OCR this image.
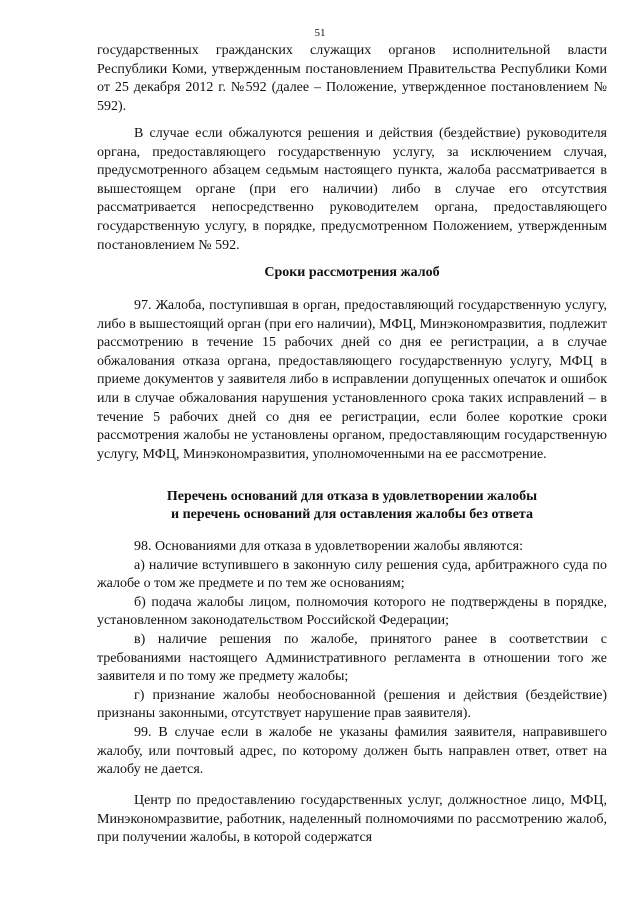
51

государственных гражданских служащих органов исполнительной власти Республики Коми, утвержденным постановлением Правительства Республики Коми от 25 декабря 2012 г. №592 (далее – Положение, утвержденное постановлением № 592).

В случае если обжалуются решения и действия (бездействие) руководителя органа, предоставляющего государственную услугу, за исключением случая, предусмотренного абзацем седьмым настоящего пункта, жалоба рассматривается в вышестоящем органе (при его наличии) либо в случае его отсутствия рассматривается непосредственно руководителем органа, предоставляющего государственную услугу, в порядке, предусмотренном Положением, утвержденным постановлением № 592.

Сроки рассмотрения жалоб

97. Жалоба, поступившая в орган, предоставляющий государственную услугу, либо в вышестоящий орган (при его наличии), МФЦ, Минэкономразвития, подлежит рассмотрению в течение 15 рабочих дней со дня ее регистрации, а в случае обжалования отказа органа, предоставляющего государственную услугу, МФЦ в приеме документов у заявителя либо в исправлении допущенных опечаток и ошибок или в случае обжалования нарушения установленного срока таких исправлений – в течение 5 рабочих дней со дня ее регистрации, если более короткие сроки рассмотрения жалобы не установлены органом, предоставляющим государственную услугу, МФЦ, Минэкономразвития, уполномоченными на ее рассмотрение.

Перечень оснований для отказа в удовлетворении жалобы

и перечень оснований для оставления жалобы без ответа

98. Основаниями для отказа в удовлетворении жалобы являются:

а) наличие вступившего в законную силу решения суда, арбитражного суда по жалобе о том же предмете и по тем же основаниям;

б) подача жалобы лицом, полномочия которого не подтверждены в порядке, установленном законодательством Российской Федерации;

в) наличие решения по жалобе, принятого ранее в соответствии с требованиями настоящего Административного регламента в отношении того же заявителя и по тому же предмету жалобы;

г) признание жалобы необоснованной (решения и действия (бездействие) признаны законными, отсутствует нарушение прав заявителя).

99. В случае если в жалобе не указаны фамилия заявителя, направившего жалобу, или почтовый адрес, по которому должен быть направлен ответ, ответ на жалобу не дается.

Центр по предоставлению государственных услуг, должностное лицо, МФЦ, Минэкономразвитие, работник, наделенный полномочиями по рассмотрению жалоб, при получении жалобы, в которой содержатся
